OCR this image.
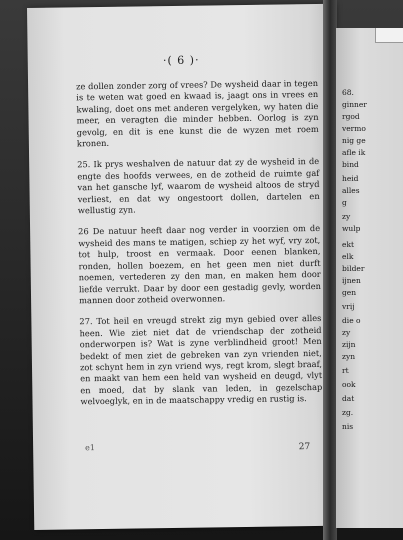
·( 6 )·

ze dollen zonder zorg of vrees? De wysheid daar in tegen is te weten wat goed en kwaad is, jaagt ons in vrees en kwaling, doet ons met anderen vergelyken, wy haten die meer, en veragten die minder hebben. Oorlog is zyn gevolg, en dit is ene kunst die de wyzen met roem kronen.

25. Ik prys weshalven de natuur dat zy de wysheid in de engte des hoofds verwees, en de zotheid de ruimte gaf van het gansche lyf, waarom de wysheid altoos de stryd verliest, en dat wy ongestoort dollen, dartelen en wellustig zyn.

26 De natuur heeft daar nog verder in voorzien om de wysheid des mans te matigen, schiep zy het wyf, vry zot, tot hulp, troost en vermaak. Door eenen blanken, ronden, hollen boezem, en het geen men niet durft noemen, vertederen zy den man, en maken hem door liefde verrukt. Daar by door een gestadig gevly, worden mannen door zotheid overwonnen.

27. Tot heil en vreugd strekt zig myn gebied over alles heen. Wie ziet niet dat de vriendschap der zotheid onderworpen is? Wat is zyne verblindheid groot! Men bedekt of men ziet de gebreken van zyn vrienden niet, zot schynt hem in zyn vriend wys, regt krom, slegt braaf, en maakt van hem een held van wysheid en deugd, vlyt en moed, dat by slank van leden, in gezelschap welvoeglyk, en in de maatschappy vredig en rustig is.

e1	27
68.
ginner
rgod
vermo
nig ge
afle ik
bind
heid
alles
g
zy
wulp
ekt
elk
bilder
ijnen
gen
vrij
die o
zy
zijn
zyn
rt
ook
dat
zg.
nis
